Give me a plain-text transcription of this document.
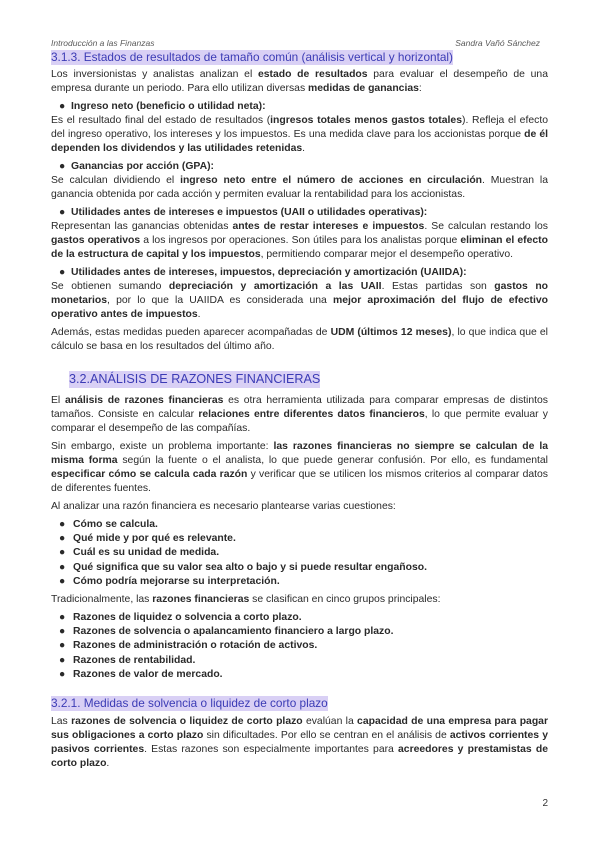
Introducción a las Finanzas	Sandra Vañó Sánchez
3.1.3. Estados de resultados de tamaño común (análisis vertical y horizontal)

Los inversionistas y analistas analizan el estado de resultados para evaluar el desempeño de una empresa durante un periodo. Para ello utilizan diversas medidas de ganancias:

● Ingreso neto (beneficio o utilidad neta):

Es el resultado final del estado de resultados (ingresos totales menos gastos totales). Refleja el efecto del ingreso operativo, los intereses y los impuestos. Es una medida clave para los accionistas porque de él dependen los dividendos y las utilidades retenidas.

● Ganancias por acción (GPA):

Se calculan dividiendo el ingreso neto entre el número de acciones en circulación. Muestran la ganancia obtenida por cada acción y permiten evaluar la rentabilidad para los accionistas.

● Utilidades antes de intereses e impuestos (UAII o utilidades operativas):

Representan las ganancias obtenidas antes de restar intereses e impuestos. Se calculan restando los gastos operativos a los ingresos por operaciones. Son útiles para los analistas porque eliminan el efecto de la estructura de capital y los impuestos, permitiendo comparar mejor el desempeño operativo.

● Utilidades antes de intereses, impuestos, depreciación y amortización (UAIIDA):

Se obtienen sumando depreciación y amortización a las UAII. Estas partidas son gastos no monetarios, por lo que la UAIIDA es considerada una mejor aproximación del flujo de efectivo operativo antes de impuestos.

Además, estas medidas pueden aparecer acompañadas de UDM (últimos 12 meses), lo que indica que el cálculo se basa en los resultados del último año.

3.2.ANÁLISIS DE RAZONES FINANCIERAS

El análisis de razones financieras es otra herramienta utilizada para comparar empresas de distintos tamaños. Consiste en calcular relaciones entre diferentes datos financieros, lo que permite evaluar y comparar el desempeño de las compañías.

Sin embargo, existe un problema importante: las razones financieras no siempre se calculan de la misma forma según la fuente o el analista, lo que puede generar confusión. Por ello, es fundamental especificar cómo se calcula cada razón y verificar que se utilicen los mismos criterios al comparar datos de diferentes fuentes.

Al analizar una razón financiera es necesario plantearse varias cuestiones:

● Cómo se calcula.
● Qué mide y por qué es relevante.
● Cuál es su unidad de medida.
● Qué significa que su valor sea alto o bajo y si puede resultar engañoso.
● Cómo podría mejorarse su interpretación.

Tradicionalmente, las razones financieras se clasifican en cinco grupos principales:

● Razones de liquidez o solvencia a corto plazo.
● Razones de solvencia o apalancamiento financiero a largo plazo.
● Razones de administración o rotación de activos.
● Razones de rentabilidad.
● Razones de valor de mercado.
3.2.1. Medidas de solvencia o liquidez de corto plazo

Las razones de solvencia o liquidez de corto plazo evalúan la capacidad de una empresa para pagar sus obligaciones a corto plazo sin dificultades. Por ello se centran en el análisis de activos corrientes y pasivos corrientes. Estas razones son especialmente importantes para acreedores y prestamistas de corto plazo.

2
